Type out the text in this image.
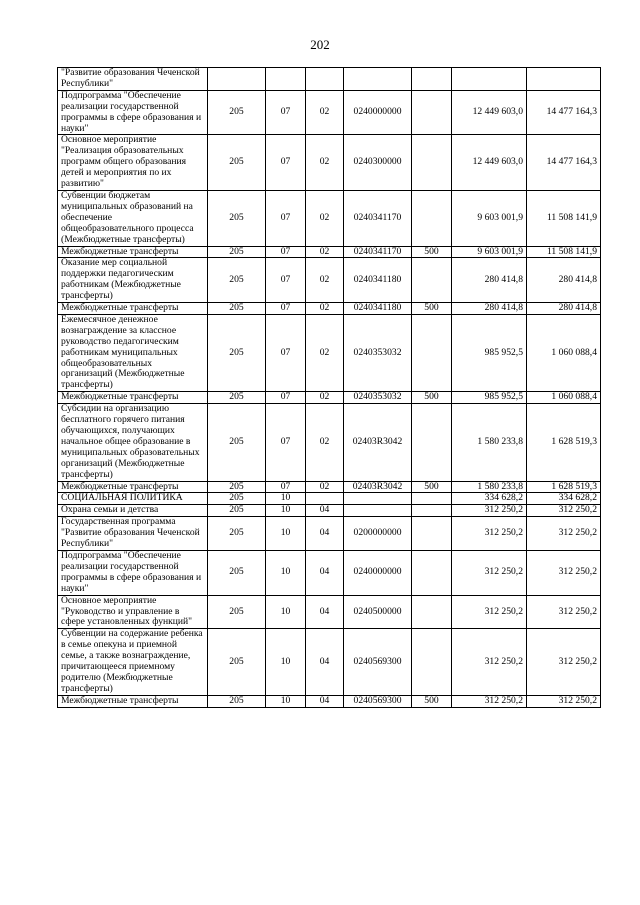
202
"Развитие образования Чеченской Республики"							
Подпрограмма "Обеспечение реализации государственной программы в сфере образования и науки"	205	07	02	0240000000		12 449 603,0	14 477 164,3
Основное мероприятие "Реализация образовательных программ общего образования детей и мероприятия по их развитию"	205	07	02	0240300000		12 449 603,0	14 477 164,3
Субвенции бюджетам муниципальных образований на обеспечение общеобразовательного процесса (Межбюджетные трансферты)	205	07	02	0240341170		9 603 001,9	11 508 141,9
Межбюджетные трансферты	205	07	02	0240341170	500	9 603 001,9	11 508 141,9
Оказание мер социальной поддержки педагогическим работникам (Межбюджетные трансферты)	205	07	02	0240341180		280 414,8	280 414,8
Межбюджетные трансферты	205	07	02	0240341180	500	280 414,8	280 414,8
Ежемесячное денежное вознаграждение за классное руководство педагогическим работникам муниципальных общеобразовательных организаций (Межбюджетные трансферты)	205	07	02	0240353032		985 952,5	1 060 088,4
Межбюджетные трансферты	205	07	02	0240353032	500	985 952,5	1 060 088,4
Субсидии на организацию бесплатного горячего питания обучающихся, получающих начальное общее образование в муниципальных образовательных организаций (Межбюджетные трансферты)	205	07	02	02403R3042		1 580 233,8	1 628 519,3
Межбюджетные трансферты	205	07	02	02403R3042	500	1 580 233,8	1 628 519,3
СОЦИАЛЬНАЯ ПОЛИТИКА	205	10				334 628,2	334 628,2
Охрана семьи и детства	205	10	04			312 250,2	312 250,2
Государственная программа "Развитие образования Чеченской Республики"	205	10	04	0200000000		312 250,2	312 250,2
Подпрограмма "Обеспечение реализации государственной программы в сфере образования и науки"	205	10	04	0240000000		312 250,2	312 250,2
Основное мероприятие "Руководство и управление в сфере установленных функций"	205	10	04	0240500000		312 250,2	312 250,2
Субвенции на содержание ребенка в семье опекуна и приемной семье, а также вознаграждение, причитающееся приемному родителю (Межбюджетные трансферты)	205	10	04	0240569300		312 250,2	312 250,2
Межбюджетные трансферты	205	10	04	0240569300	500	312 250,2	312 250,2
